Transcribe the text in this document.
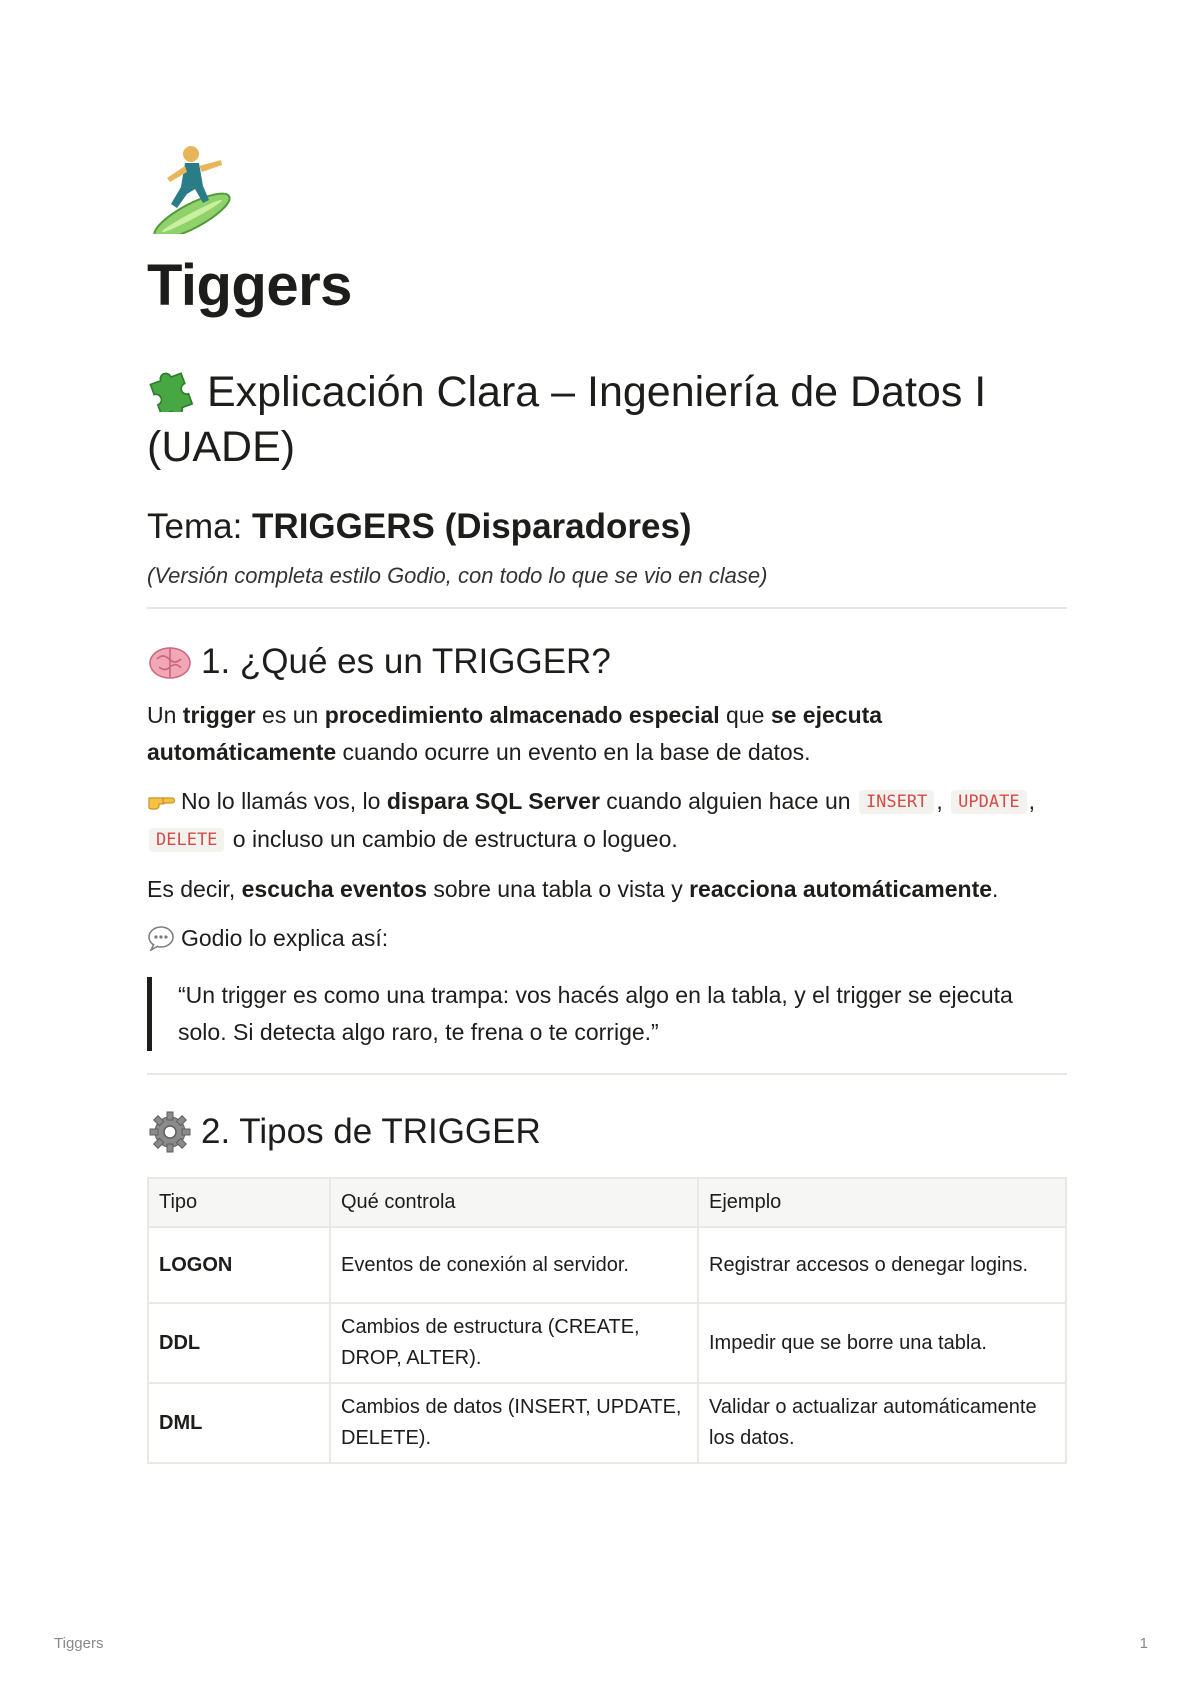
Tiggers
Explicación Clara – Ingeniería de Datos I (UADE)
Tema: TRIGGERS (Disparadores)

(Versión completa estilo Godio, con todo lo que se vio en clase)

1. ¿Qué es un TRIGGER?

Un trigger es un procedimiento almacenado especial que se ejecuta automáticamente cuando ocurre un evento en la base de datos.

No lo llamás vos, lo dispara SQL Server cuando alguien hace un INSERT , UPDATE , DELETE o incluso un cambio de estructura o logueo.

Es decir, escucha eventos sobre una tabla o vista y reacciona automáticamente.

Godio lo explica así:

“Un trigger es como una trampa: vos hacés algo en la tabla, y el trigger se ejecuta solo. Si detecta algo raro, te frena o te corrige.”
2. Tipos de TRIGGER
Tipo	Qué controla	Ejemplo
LOGON	Eventos de conexión al servidor.	Registrar accesos o denegar logins.
DDL	Cambios de estructura (CREATE, DROP, ALTER).	Impedir que se borre una tabla.
DML	Cambios de datos (INSERT, UPDATE, DELETE).	Validar o actualizar automáticamente los datos.
Tiggers	1
